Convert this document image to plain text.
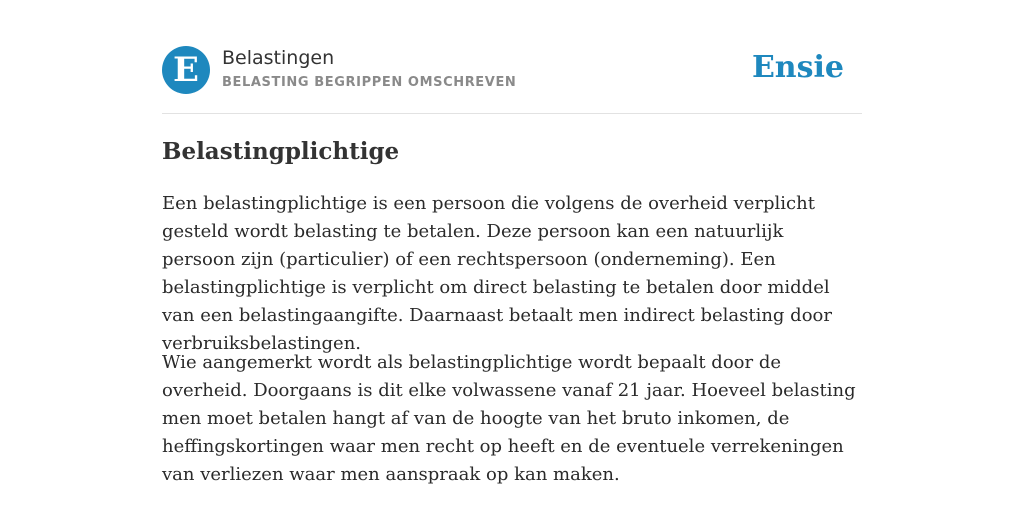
E	Belastingen
BELASTING BEGRIPPEN OMSCHREVEN	Ensie
Belastingplichtige

Een belastingplichtige is een persoon die volgens de overheid verplicht gesteld wordt belasting te betalen. Deze persoon kan een natuurlijk persoon zijn (particulier) of een rechtspersoon (onderneming). Een belastingplichtige is verplicht om direct belasting te betalen door middel van een belastingaangifte. Daarnaast betaalt men indirect belasting door verbruiksbelastingen.

Wie aangemerkt wordt als belastingplichtige wordt bepaalt door de overheid. Doorgaans is dit elke volwassene vanaf 21 jaar. Hoeveel belasting men moet betalen hangt af van de hoogte van het bruto inkomen, de heffingskortingen waar men recht op heeft en de eventuele verrekeningen van verliezen waar men aanspraak op kan maken.
